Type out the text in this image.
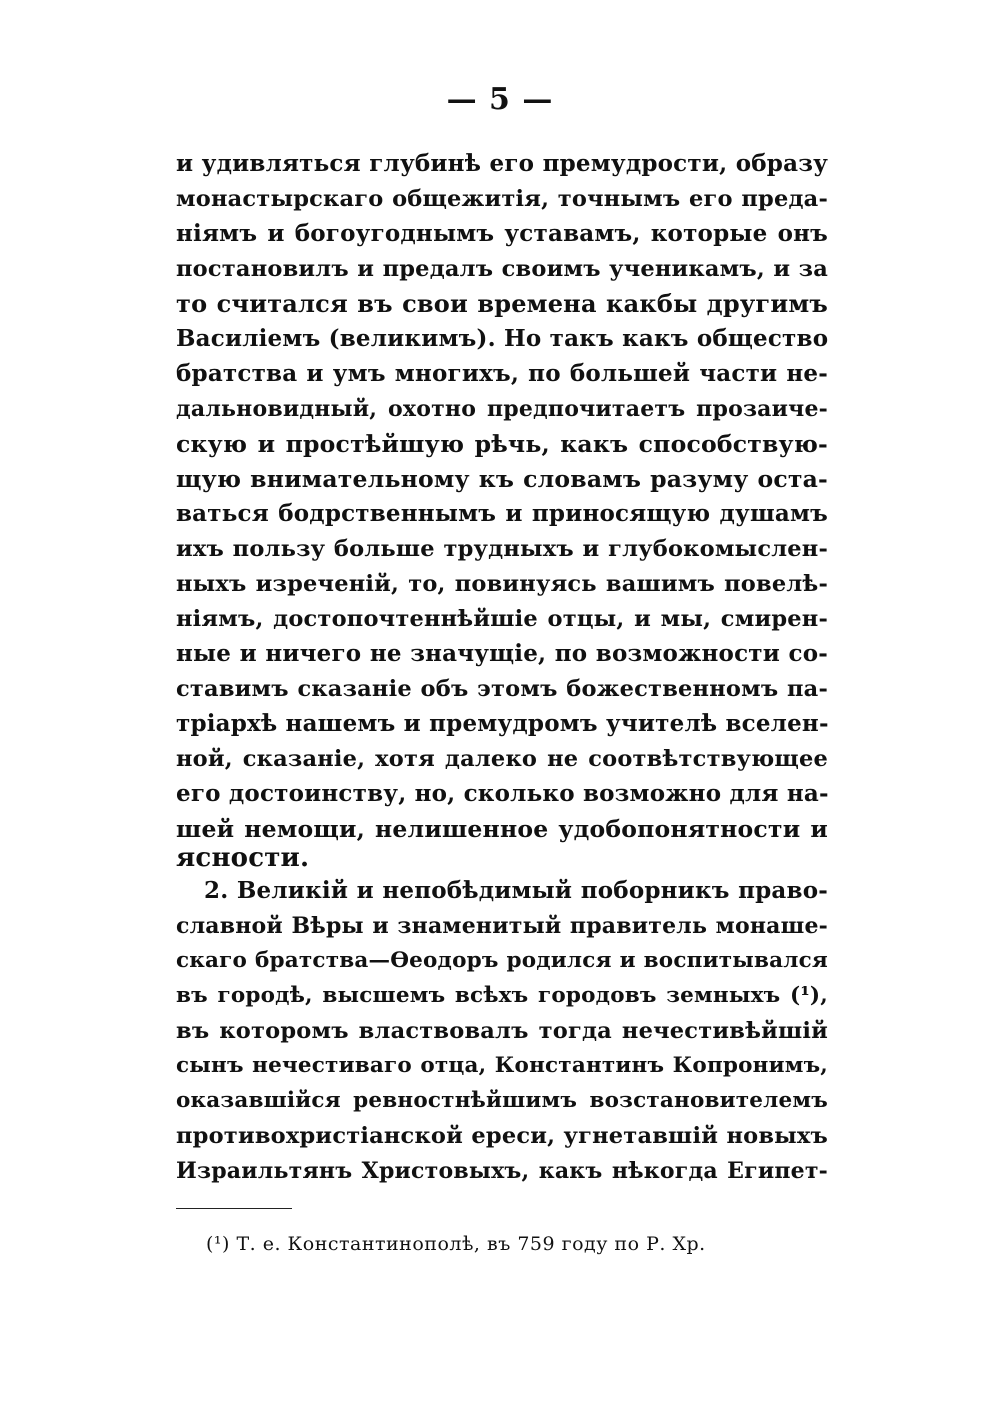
— 5 —
и удивляться глубинѣ его премудрости, образу
монастырскаго общежитія, точнымъ его преда-
ніямъ и богоугоднымъ уставамъ, которые онъ
постановилъ и предалъ своимъ ученикамъ, и за
то считался въ свои времена какбы другимъ
Василіемъ (великимъ). Но такъ какъ общество
братства и умъ многихъ, по большей части не-
дальновидный, охотно предпочитаетъ прозаиче-
скую и простѣйшую рѣчь, какъ способствую-
щую внимательному къ словамъ разуму оста-
ваться бодрственнымъ и приносящую душамъ
ихъ пользу больше трудныхъ и глубокомыслен-
ныхъ изреченій, то, повинуясь вашимъ повелѣ-
ніямъ, достопочтеннѣйшіе отцы, и мы, смирен-
ные и ничего не значущіе, по возможности со-
ставимъ сказаніе объ этомъ божественномъ па-
тріархѣ нашемъ и премудромъ учителѣ вселен-
ной, сказаніе, хотя далеко не соотвѣтствующее
его достоинству, но, сколько возможно для на-
шей немощи, нелишенное удобопонятности и
ясности.
2. Великій и непобѣдимый поборникъ право-
славной Вѣры и знаменитый правитель монаше-
скаго братства—Ѳеодоръ родился и воспитывался
въ городѣ, высшемъ всѣхъ городовъ земныхъ (¹),
въ которомъ властвовалъ тогда нечестивѣйшій
сынъ нечестиваго отца, Константинъ Копронимъ,
оказавшійся ревностнѣйшимъ возстановителемъ
противохристіанской ереси, угнетавшій новыхъ
Израильтянъ Христовыхъ, какъ нѣкогда Египет-
(¹) Т. е. Константинополѣ, въ 759 году по Р. Хр.
